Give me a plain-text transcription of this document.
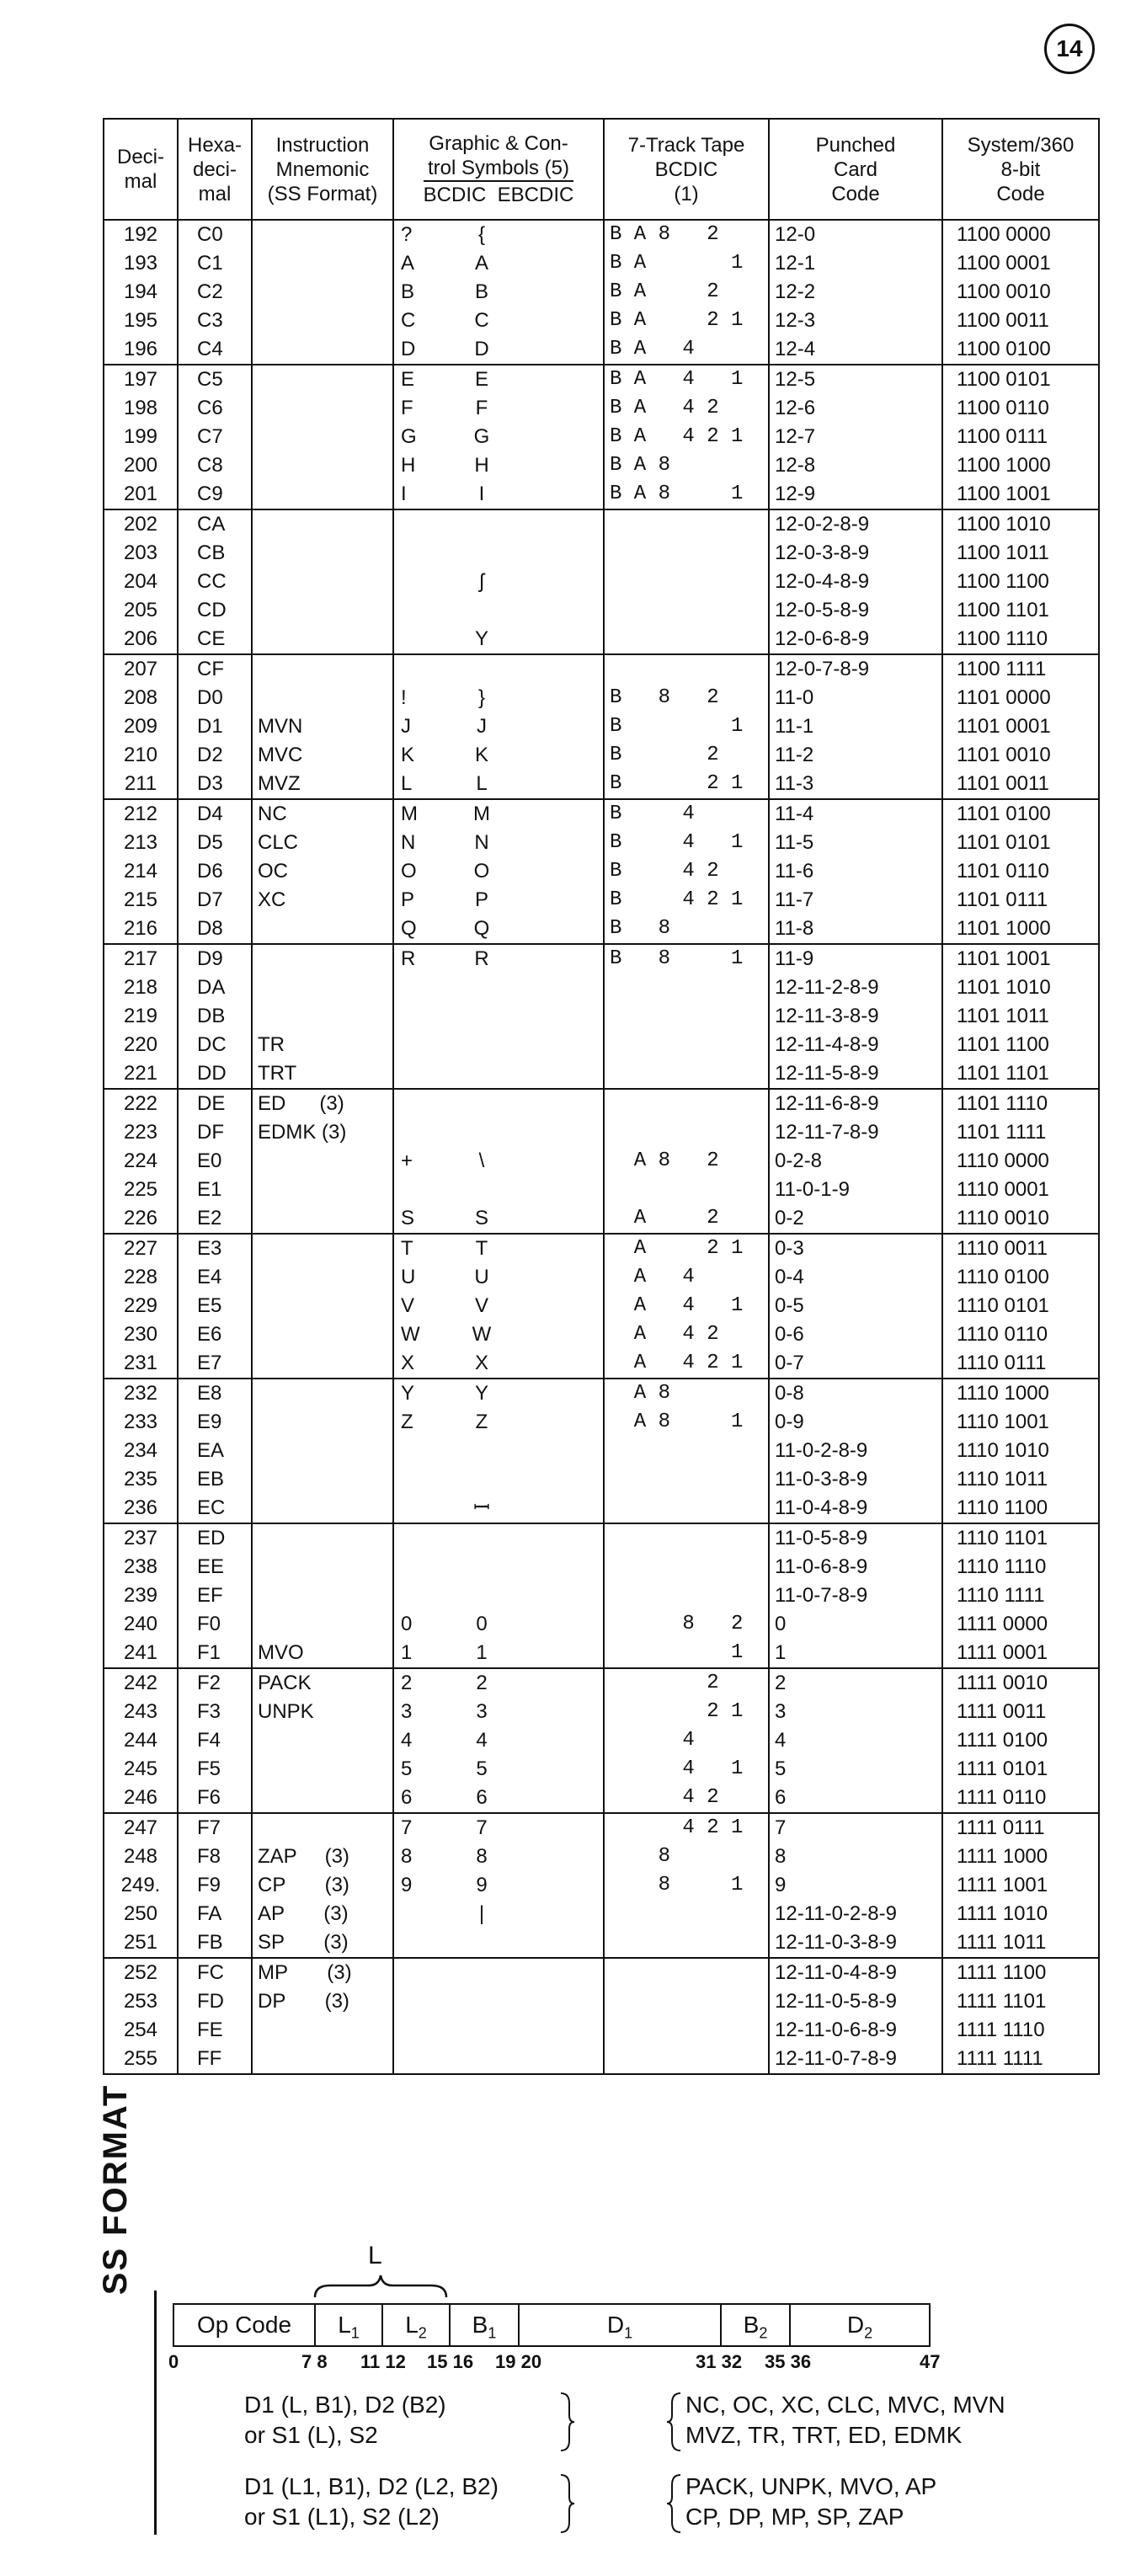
14
Deci-
mal	Hexa-
deci-
mal	Instruction
Mnemonic
(SS Format)	Graphic & Con-
trol Symbols (5)
BCDIC EBCDIC	7-Track Tape
BCDIC
(1)	Punched
Card
Code	System/360
8-bit
Code
192	C0		? {	B A 8   2	12-0	1100 0000
193	C1		A A	B A       1	12-1	1100 0001
194	C2		B B	B A     2	12-2	1100 0010
195	C3		C C	B A     2 1	12-3	1100 0011
196	C4		D D	B A   4	12-4	1100 0100
197	C5		E E	B A   4   1	12-5	1100 0101
198	C6		F F	B A   4 2	12-6	1100 0110
199	C7		G G	B A   4 2 1	12-7	1100 0111
200	C8		H H	B A 8	12-8	1100 1000
201	C9		I I	B A 8     1	12-9	1100 1001
202	CA				12-0-2-8-9	1100 1010
203	CB				12-0-3-8-9	1100 1011
204	CC		ʃ		12-0-4-8-9	1100 1100
205	CD				12-0-5-8-9	1100 1101
206	CE		Y		12-0-6-8-9	1100 1110
207	CF				12-0-7-8-9	1100 1111
208	D0		! }	B   8   2	11-0	1101 0000
209	D1	MVN	J J	B         1	11-1	1101 0001
210	D2	MVC	K K	B       2	11-2	1101 0010
211	D3	MVZ	L L	B       2 1	11-3	1101 0011
212	D4	NC	M M	B     4	11-4	1101 0100
213	D5	CLC	N N	B     4   1	11-5	1101 0101
214	D6	OC	O O	B     4 2	11-6	1101 0110
215	D7	XC	P P	B     4 2 1	11-7	1101 0111
216	D8		Q Q	B   8	11-8	1101 1000
217	D9		R R	B   8     1	11-9	1101 1001
218	DA				12-11-2-8-9	1101 1010
219	DB				12-11-3-8-9	1101 1011
220	DC	TR			12-11-4-8-9	1101 1100
221	DD	TRT			12-11-5-8-9	1101 1101
222	DE	ED      (3)			12-11-6-8-9	1101 1110
223	DF	EDMK (3)			12-11-7-8-9	1101 1111
224	E0		+ \	A 8   2	0-2-8	1110 0000
225	E1				11-0-1-9	1110 0001
226	E2		S S	A     2	0-2	1110 0010
227	E3		T T	A     2 1	0-3	1110 0011
228	E4		U U	A   4	0-4	1110 0100
229	E5		V V	A   4   1	0-5	1110 0101
230	E6		W W	A   4 2	0-6	1110 0110
231	E7		X X	A   4 2 1	0-7	1110 0111
232	E8		Y Y	A 8	0-8	1110 1000
233	E9		Z Z	A 8     1	0-9	1110 1001
234	EA				11-0-2-8-9	1110 1010
235	EB				11-0-3-8-9	1110 1011
236	EC		ꟷ		11-0-4-8-9	1110 1100
237	ED				11-0-5-8-9	1110 1101
238	EE				11-0-6-8-9	1110 1110
239	EF				11-0-7-8-9	1110 1111
240	F0		0 0	8   2	0	1111 0000
241	F1	MVO	1 1	1	1	1111 0001
242	F2	PACK	2 2	2	2	1111 0010
243	F3	UNPK	3 3	2 1	3	1111 0011
244	F4		4 4	4	4	1111 0100
245	F5		5 5	4   1	5	1111 0101
246	F6		6 6	4 2	6	1111 0110
247	F7		7 7	4 2 1	7	1111 0111
248	F8	ZAP     (3)	8 8	8	8	1111 1000
249.	F9	CP       (3)	9 9	8     1	9	1111 1001
250	FA	AP       (3)	|		12-11-0-2-8-9	1111 1010
251	FB	SP       (3)			12-11-0-3-8-9	1111 1011
252	FC	MP       (3)			12-11-0-4-8-9	1111 1100
253	FD	DP       (3)			12-11-0-5-8-9	1111 1101
254	FE				12-11-0-6-8-9	1111 1110
255	FF				12-11-0-7-8-9	1111 1111
SS FORMAT	L
Op Code	$L_1$	$L_2$	$B_1$	$D_1$	$B_2$	$D_2$
0	7 8 11 12 15 16 19 20	31 32 35 36	47
D1 (L, B1), D2 (B2)
or S1 (L), S2
NC, OC, XC, CLC, MVC, MVN
MVZ, TR, TRT, ED, EDMK
D1 (L1, B1), D2 (L2, B2)
or S1 (L1), S2 (L2)
PACK, UNPK, MVO, AP
CP, DP, MP, SP, ZAP
